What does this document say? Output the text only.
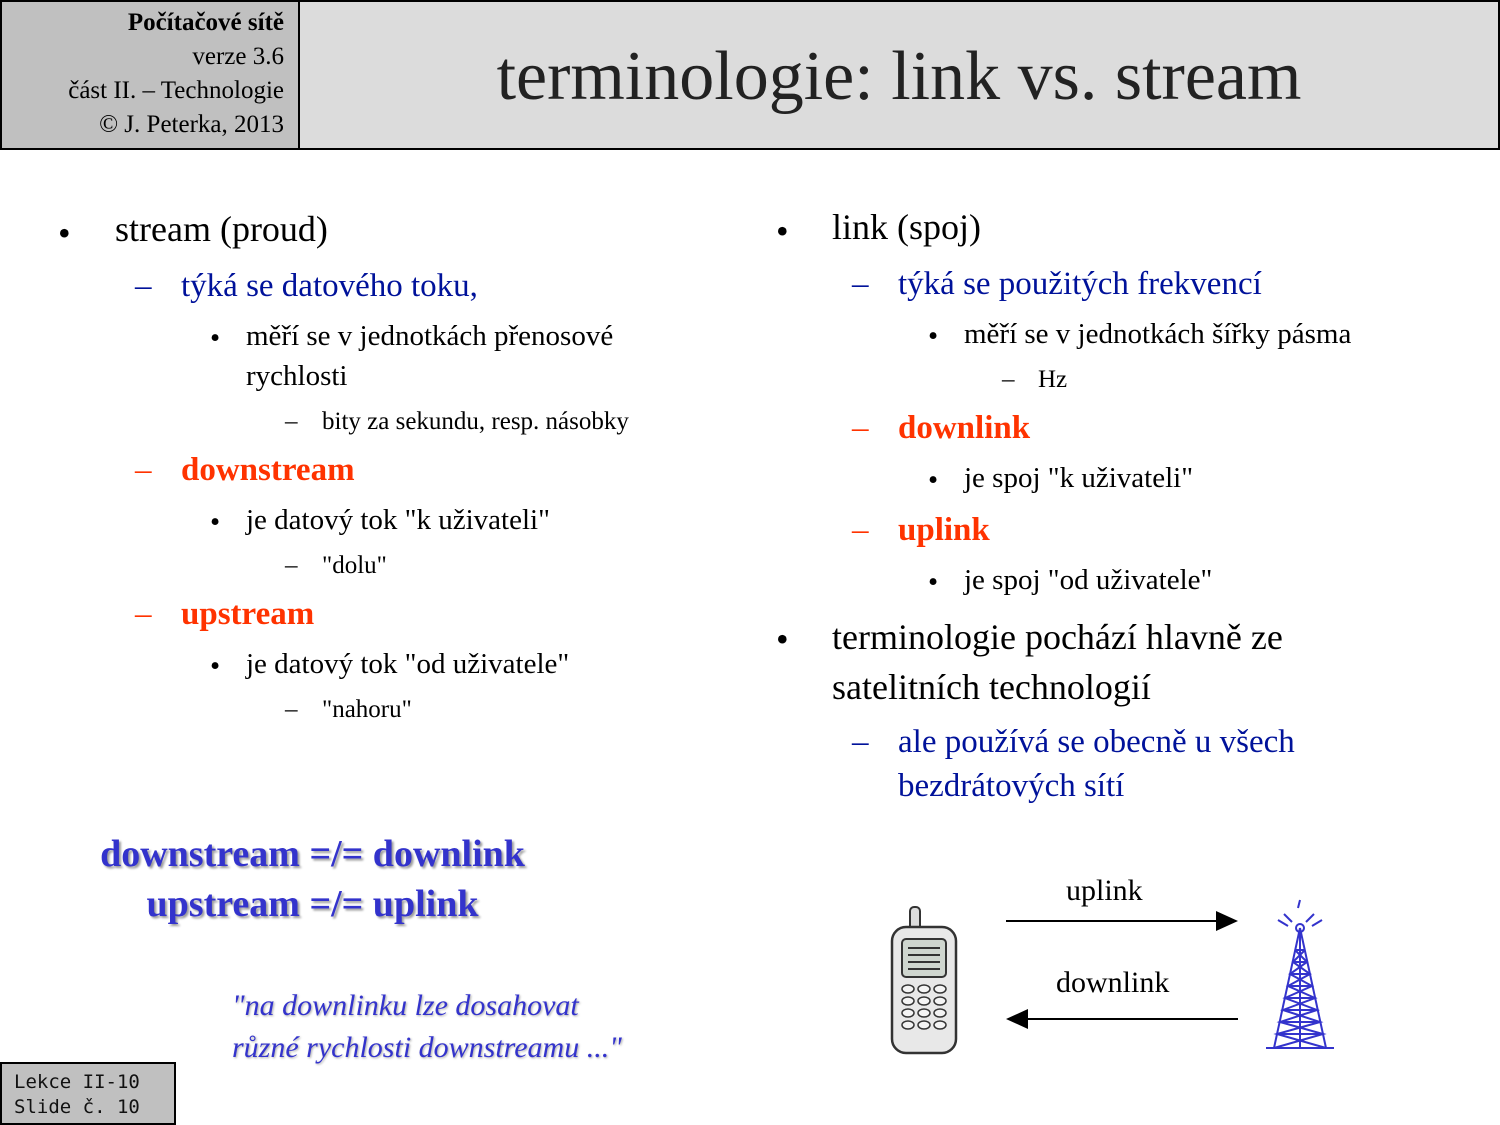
Počítačové sítě
verze 3.6
část II. – Technologie
© J. Peterka, 2013
terminologie: link vs. stream
• stream (proud)
– týká se datového toku,
• měří se v jednotkách přenosové
rychlosti
– bity za sekundu, resp. násobky
– downstream
• je datový tok "k uživateli"
– "dolu"
– upstream
• je datový tok "od uživatele"
– "nahoru"
• link (spoj)
– týká se použitých frekvencí
• měří se v jednotkách šířky pásma
– Hz
– downlink
• je spoj "k uživateli"
– uplink
• je spoj "od uživatele"
• terminologie pochází hlavně ze
satelitních technologií
– ale používá se obecně u všech
bezdrátových sítí
downstream =/= downlink
upstream =/= uplink
"na downlinku lze dosahovat
různé rychlosti downstreamu ..."
uplink
downlink
Lekce II-10
Slide č. 10
